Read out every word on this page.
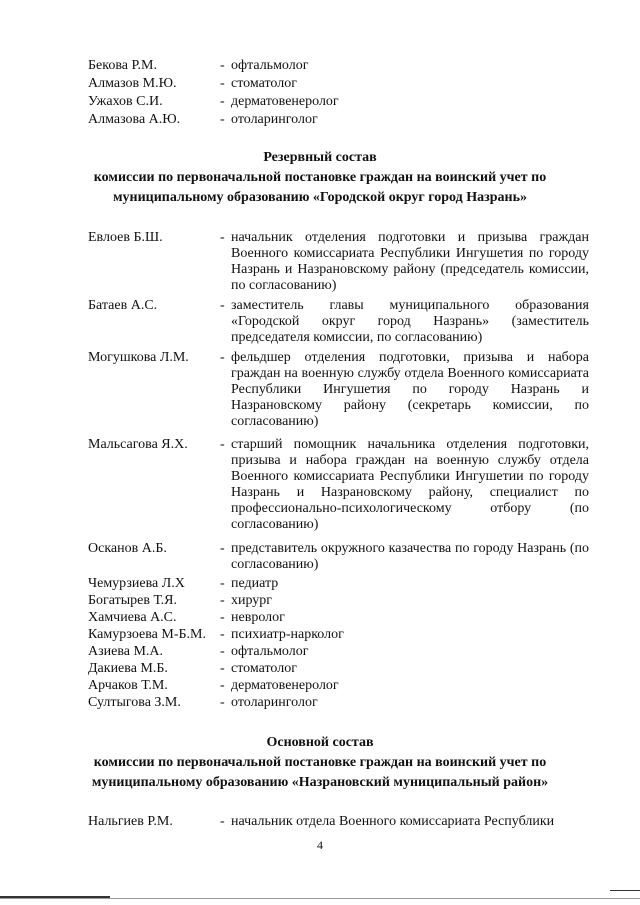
Бекова Р.М.	- офтальмолог
Алмазов М.Ю.	- стоматолог
Ужахов С.И.	- дерматовенеролог
Алмазова А.Ю.	- отоларинголог
Резервный состав
комиссии по первоначальной постановке граждан на воинский учет по
муниципальному образованию «Городской округ город Назрань»
Евлоев Б.Ш.	- начальник отделения подготовки и призыва граждан Военного комиссариата Республики Ингушетия по городу Назрань и Назрановскому району (председатель комиссии, по согласованию)
Батаев А.С.	- заместитель главы муниципального образования «Городской округ город Назрань» (заместитель председателя комиссии, по согласованию)
Могушкова Л.М. - фельдшер отделения подготовки, призыва и набора граждан на военную службу отдела Военного комиссариата Республики Ингушетия по городу Назрань и Назрановскому району (секретарь комиссии, по согласованию)
Мальсагова Я.Х. - старший помощник начальника отделения подготовки, призыва и набора граждан на военную службу отдела Военного комиссариата Республики Ингушетии по городу Назрань и Назрановскому району, специалист по профессионально-психологическому отбору (по согласованию)
Осканов А.Б.	- представитель окружного казачества по городу Назрань (по согласованию)
Чемурзиева Л.Х	- педиатр
Богатырев Т.Я.	- хирург
Хамчиева А.С.	- невролог
Камурзоева М-Б.М. - психиатр-нарколог
Азиева М.А.	- офтальмолог
Дакиева М.Б.	- стоматолог
Арчаков Т.М.	- дерматовенеролог
Султыгова З.М.	- отоларинголог
Основной состав
комиссии по первоначальной постановке граждан на воинский учет по
муниципальному образованию «Назрановский муниципальный район»
Нальгиев Р.М.	- начальник отдела Военного комиссариата Республики
4
